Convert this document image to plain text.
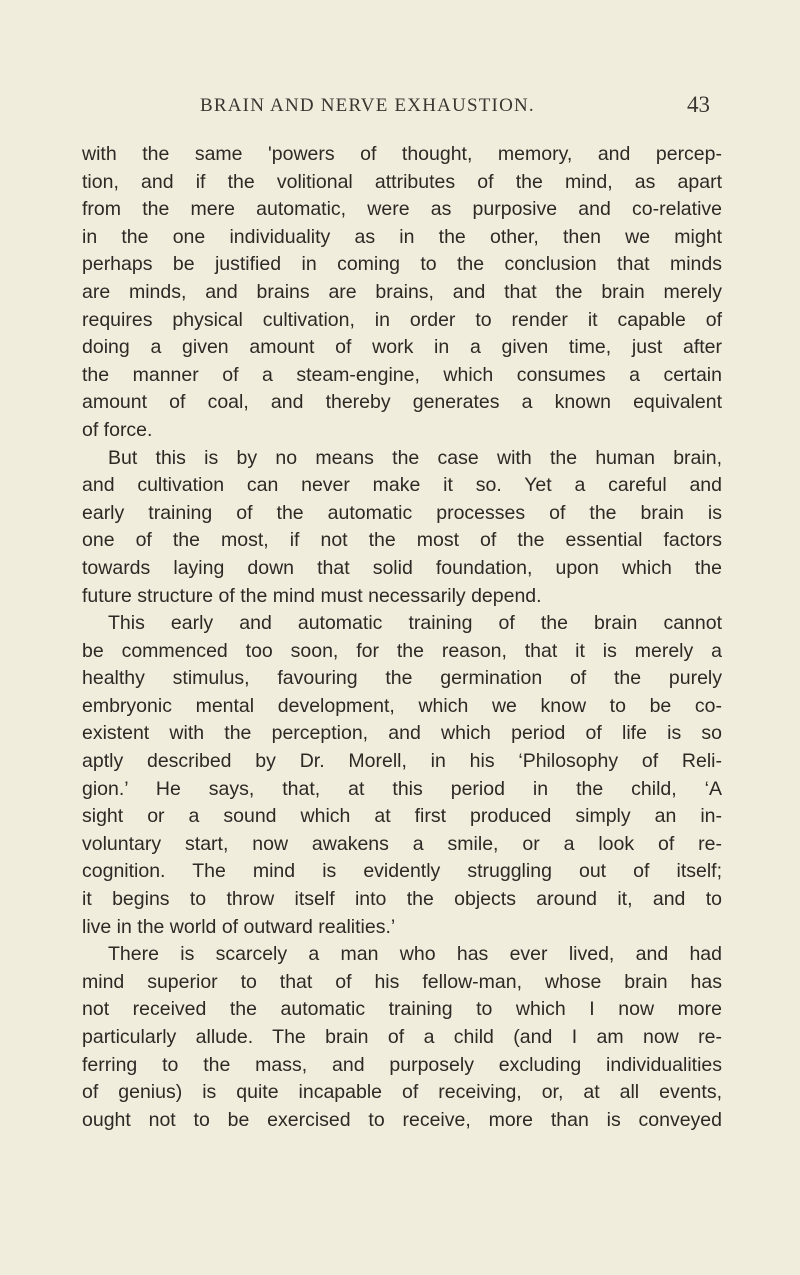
BRAIN AND NERVE EXHAUSTION.	43
with the same 'powers of thought, memory, and percep-
tion, and if the volitional attributes of the mind, as apart
from the mere automatic, were as purposive and co-relative
in the one individuality as in the other, then we might
perhaps be justified in coming to the conclusion that minds
are minds, and brains are brains, and that the brain merely
requires physical cultivation, in order to render it capable of
doing a given amount of work in a given time, just after
the manner of a steam-engine, which consumes a certain
amount of coal, and thereby generates a known equivalent
of force.
But this is by no means the case with the human brain,
and cultivation can never make it so. Yet a careful and
early training of the automatic processes of the brain is
one of the most, if not the most of the essential factors
towards laying down that solid foundation, upon which the
future structure of the mind must necessarily depend.
This early and automatic training of the brain cannot
be commenced too soon, for the reason, that it is merely a
healthy stimulus, favouring the germination of the purely
embryonic mental development, which we know to be co-
existent with the perception, and which period of life is so
aptly described by Dr. Morell, in his ‘Philosophy of Reli-
gion.’ He says, that, at this period in the child, ‘A
sight or a sound which at first produced simply an in-
voluntary start, now awakens a smile, or a look of re-
cognition. The mind is evidently struggling out of itself;
it begins to throw itself into the objects around it, and to
live in the world of outward realities.’
There is scarcely a man who has ever lived, and had
mind superior to that of his fellow-man, whose brain has
not received the automatic training to which I now more
particularly allude. The brain of a child (and I am now re-
ferring to the mass, and purposely excluding individualities
of genius) is quite incapable of receiving, or, at all events,
ought not to be exercised to receive, more than is conveyed
